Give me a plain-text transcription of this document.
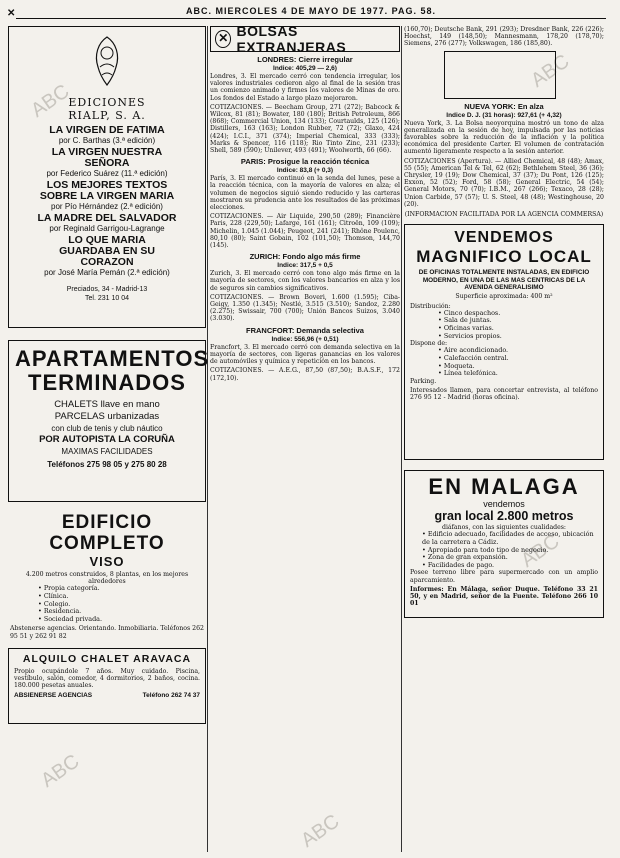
✕	ABC. MIERCOLES 4 DE MAYO DE 1977. PAG. 58.
ABC
ABC
ABC
ABC
ABC
EDICIONES
RIALP, S. A.
LA VIRGEN DE FATIMA
por C. Barthas (3.ª edición)
LA VIRGEN NUESTRA SEÑORA
por Federico Suárez (11.ª edición)
LOS MEJORES TEXTOS SOBRE LA VIRGEN MARIA
por Pío Hérnández (2.ª edición)
LA MADRE DEL SALVADOR
por Reginald Garrigou-Lagrange
LO QUE MARIA GUARDABA EN SU CORAZON
por José María Pemán (2.ª edición)
Preciados, 34 - Madrid-13
Tel. 231 10 04
APARTAMENTOS
TERMINADOS
CHALETS llave en mano
PARCELAS urbanizadas
con club de tenis y club náutico
POR AUTOPISTA LA CORUÑA
MAXIMAS FACILIDADES
Teléfonos 275 98 05 y 275 80 28
EDIFICIO COMPLETO
VISO
4.200 metros construidos, 8 plantas, en los mejores alrededores
• Propia categoría.
• Clínica.
• Colegio.
• Residencia.
• Sociedad privada.
Abstenerse agencias. Orientando. Inmobiliaria. Teléfonos 262 95 51 y 262 91 82
ALQUILO CHALET ARAVACA
Propio ocupándole 7 años. Muy cuidado. Piscina, vestíbulo, salón, comedor, 4 dormitorios, 2 baños, cocina. 180.000 pesetas anuales.
ABSIENERSE AGENCIAS	Teléfono 262 74 37
✕ BOLSAS EXTRANJERAS
LONDRES: Cierre irregular
Indice: 405,29 — 2,6)
Londres, 3. El mercado cerró con tendencia irregular, los valores industriales cedieron algo al final de la sesión tras un comienzo animado y firmes los valores de Minas de oro. Los fondos del Estado a largo plazo mejoraron.
COTIZACIONES. — Beecham Group, 271 (272); Babcock & Wilcox, 81 (81); Bowater, 180 (180); British Petroleum, 866 (868); Commercial Union, 134 (133); Courtaulds, 125 (126); Distillers, 163 (163); London Rubber, 72 (72); Glaxo, 424 (424); I.C.I., 371 (374); Imperial Chemical, 333 (333); Marks & Spencer, 116 (118); Rio Tinto Zinc, 231 (233); Shell, 589 (590); Unilever, 493 (491); Woolworth, 66 (66).
PARIS: Prosigue la reacción técnica
Indice: 83,8 (+ 0,3)
París, 3. El mercado continuó en la senda del lunes, pese a la reacción técnica, con la mayoría de valores en alza; el volumen de negocios siguió siendo reducido y las carteras mostraron su prudencia ante los resultados de las próximas elecciones.
COTIZACIONES. — Air Liquide, 290,50 (289); Financière Paris, 228 (229,50); Lafarge, 161 (161); Citroën, 109 (109); Michelin, 1.045 (1.044); Peugeot, 241 (241); Rhône Poulenc, 80,10 (80); Saint Gobain, 102 (101,50); Thomson, 144,70 (145).
ZURICH: Fondo algo más firme
Indice: 317,5 + 0,5
Zurich, 3. El mercado cerró con tono algo más firme en la mayoría de sectores, con los valores bancarios en alza y los de seguros sin cambios significativos.
COTIZACIONES. — Brown Boveri, 1.600 (1.595); Ciba-Geigy, 1.350 (1.345); Nestlé, 3.515 (3.510); Sandoz, 2.280 (2.275); Swissair, 700 (700); Unión Bancos Suizos, 3.040 (3.030).
FRANCFORT: Demanda selectiva
Indice: 556,96 (+ 0,51)
Francfort, 3. El mercado cerró con demanda selectiva en la mayoría de sectores, con ligeras ganancias en los valores de automóviles y química y repetición en los bancos.
COTIZACIONES. — A.E.G., 87,50 (87,50); B.A.S.F., 172 (172,10).
(160,70); Deutsche Bank, 291 (293); Dresdner Bank, 226 (226); Hoechst, 149 (148,50); Mannesmann, 178,20 (178,70); Siemens, 276 (277); Volkswagen, 186 (185,80).
NUEVA YORK: En alza
Indice D. J. (31 horas): 927,61 (+ 4,32)
Nueva York, 3. La Bolsa neoyorquina mostró un tono de alza generalizada en la sesión de hoy, impulsada por las noticias favorables sobre la reducción de la inflación y la política económica del presidente Carter. El volumen de contratación aumentó ligeramente respecto a la sesión anterior.
COTIZACIONES (Apertura). — Allied Chemical, 48 (48); Amax, 55 (55); American Tel & Tel, 62 (62); Bethlehem Steel, 36 (36); Chrysler, 19 (19); Dow Chemical, 37 (37); Du Pont, 126 (125); Exxon, 52 (52); Ford, 58 (58); General Electric, 54 (54); General Motors, 70 (70); I.B.M., 267 (266); Texaco, 28 (28); Union Carbide, 57 (57); U. S. Steel, 48 (48); Westinghouse, 20 (20).
(INFORMACION FACILITADA POR LA AGENCIA COMMERSA)
VENDEMOS
MAGNIFICO LOCAL
DE OFICINAS TOTALMENTE INSTALADAS, EN EDIFICIO MODERNO, EN UNA DE LAS MAS CENTRICAS DE LA AVENIDA GENERALISIMO
Superficie aproximada: 400 m²
Distribución:
• Cinco despachos.
• Sala de juntas.
• Oficinas varias.
• Servicios propios.
Dispone de:
• Aire acondicionado.
• Calefacción central.
• Moqueta.
• Línea telefónica.
Parking.
Interesados llamen, para concertar entrevista, al teléfono 276 95 12 - Madrid (horas oficina).
EN MALAGA
vendemos
gran local 2.800 metros
diáfanos, con las siguientes cualidades:
• Edificio adecuado, facilidades de acceso, ubicación de la carretera a Cádiz.
• Apropiado para todo tipo de negocio.
• Zona de gran expansión.
• Facilidades de pago.
Posee terreno libre para supermercado con un amplio aparcamiento.
Informes: En Málaga, señor Duque. Teléfono 33 21 50, y en Madrid, señor de la Fuente. Teléfono 266 10 01
